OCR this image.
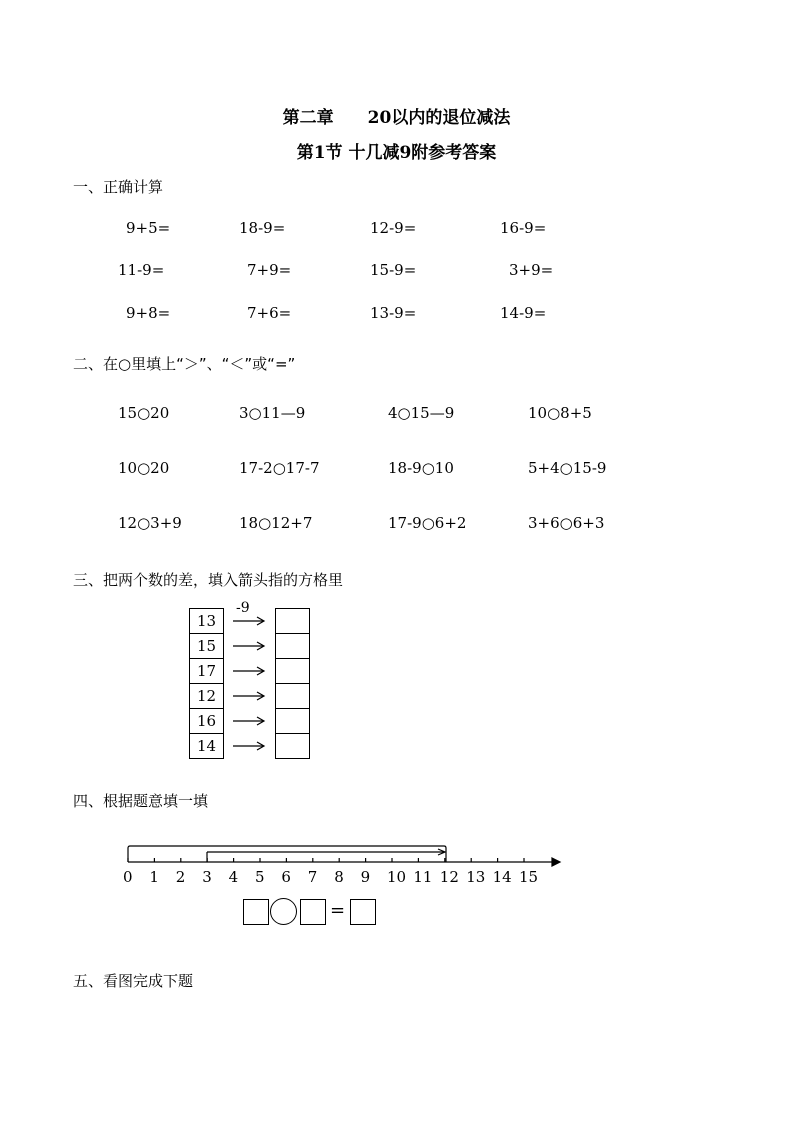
第二章　　20以内的退位减法
第1节 十几减9附参考答案
一、正确计算
9+5=	18-9=	12-9=	16-9=
11-9=	7+9=	15-9=	3+9=
9+8=	7+6=	13-9=	14-9=
二、在○里填上“＞”、“＜”或“=”
15○20	3○11—9	4○15—9	10○8+5
10○20	17-2○17-7	18-9○10	5+4○15-9
12○3+9	18○12+7	17-9○6+2	3+6○6+3
三、把两个数的差，填入箭头指的方格里
13
15
17
12
16
14
-9
四、根据题意填一填
0 1 2 3 4 5 6 7 8 9 10 11 12 13 14 15
=
五、看图完成下题
